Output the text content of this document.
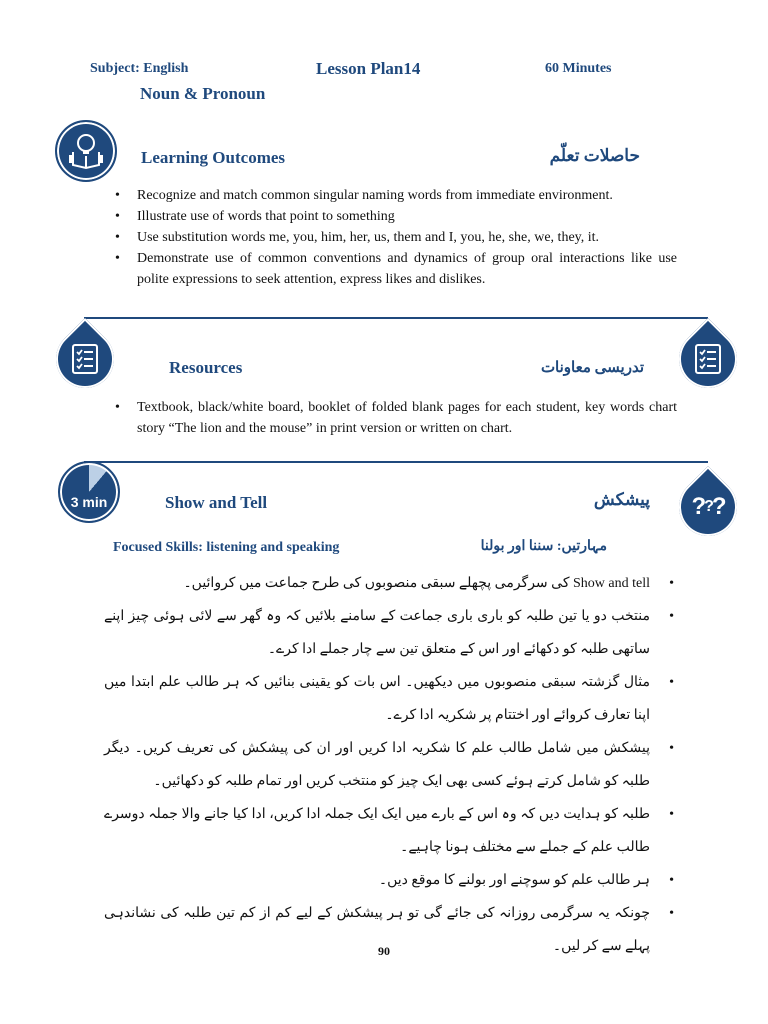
Subject: English	Lesson Plan14	60 Minutes
Noun & Pronoun
Learning Outcomes	حاصلات تعلّم
• Recognize and match common singular naming words from immediate environment.
• Illustrate use of words that point to something
• Use substitution words me, you, him, her, us, them and I, you, he, she, we, they, it.
• Demonstrate use of common conventions and dynamics of group oral interactions like use polite expressions to seek attention, express likes and dislikes.
Resources	تدریسی معاونات
• Textbook, black/white board, booklet of folded blank pages for each student, key words chart story “The lion and the mouse” in print version or written on chart.
3 min	? ? ?
Show and Tell	پیشکش
Focused Skills: listening and speaking	مہارتیں: سننا اور بولنا
• Show and tell کی سرگرمی پچھلے سبقی منصوبوں کی طرح جماعت میں کروائیں۔
• منتخب دو یا تین طلبہ کو باری باری جماعت کے سامنے بلائیں کہ وہ گھر سے لائی ہوئی چیز اپنے ساتھی طلبہ کو دکھائے اور اس کے متعلق تین سے چار جملے ادا کرے۔
• مثال گزشتہ سبقی منصوبوں میں دیکھیں۔ اس بات کو یقینی بنائیں کہ ہر طالب علم ابتدا میں اپنا تعارف کروائے اور اختتام پر شکریہ ادا کرے۔
• پیشکش میں شامل طالب علم کا شکریہ ادا کریں اور ان کی پیشکش کی تعریف کریں۔ دیگر طلبہ کو شامل کرتے ہوئے کسی بھی ایک چیز کو منتخب کریں اور تمام طلبہ کو دکھائیں۔
• طلبہ کو ہدایت دیں کہ وہ اس کے بارے میں ایک ایک جملہ ادا کریں، ادا کیا جانے والا جملہ دوسرے طالب علم کے جملے سے مختلف ہونا چاہیے۔
• ہر طالب علم کو سوچنے اور بولنے کا موقع دیں۔
• چونکہ یہ سرگرمی روزانہ کی جائے گی تو ہر پیشکش کے لیے کم از کم تین طلبہ کی نشاندہی پہلے سے کر لیں۔
90
